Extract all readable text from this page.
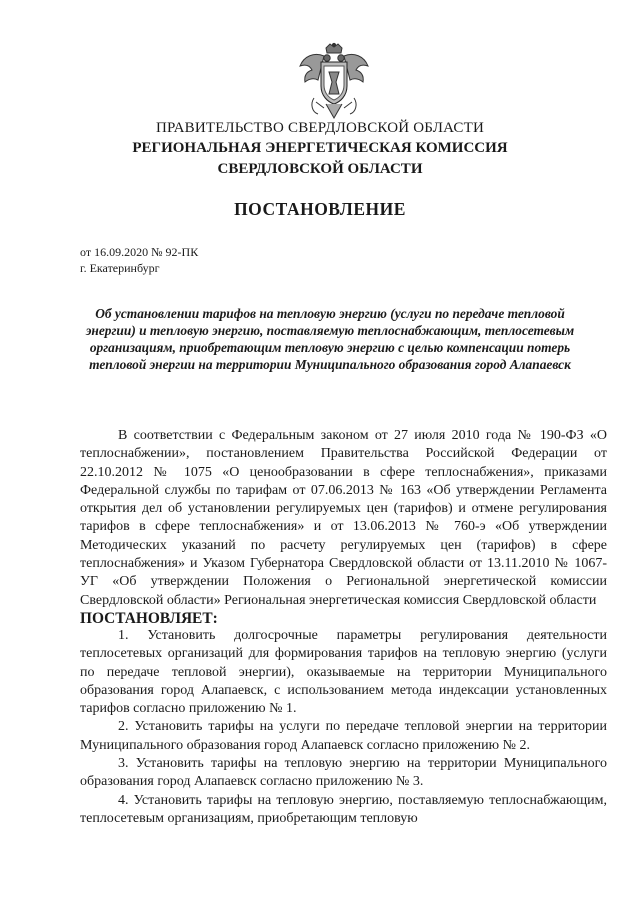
ПРАВИТЕЛЬСТВО СВЕРДЛОВСКОЙ ОБЛАСТИ
РЕГИОНАЛЬНАЯ ЭНЕРГЕТИЧЕСКАЯ КОМИССИЯ
СВЕРДЛОВСКОЙ ОБЛАСТИ
ПОСТАНОВЛЕНИЕ
от 16.09.2020 № 92-ПК
г. Екатеринбург
Об установлении тарифов на тепловую энергию (услуги по передаче тепловой энергии) и тепловую энергию, поставляемую теплоснабжающим, теплосетевым организациям, приобретающим тепловую энергию с целью компенсации потерь тепловой энергии на территории Муниципального образования город Алапаевск

В соответствии с Федеральным законом от 27 июля 2010 года № 190-ФЗ «О теплоснабжении», постановлением Правительства Российской Федерации от 22.10.2012 № 1075 «О ценообразовании в сфере теплоснабжения», приказами Федеральной службы по тарифам от 07.06.2013 № 163 «Об утверждении Регламента открытия дел об установлении регулируемых цен (тарифов) и отмене регулирования тарифов в сфере теплоснабжения» и от 13.06.2013 № 760-э «Об утверждении Методических указаний по расчету регулируемых цен (тарифов) в сфере теплоснабжения» и Указом Губернатора Свердловской области от 13.11.2010 № 1067-УГ «Об утверждении Положения о Региональной энергетической комиссии Свердловской области» Региональная энергетическая комиссия Свердловской области

ПОСТАНОВЛЯЕТ:

1. Установить долгосрочные параметры регулирования деятельности теплосетевых организаций для формирования тарифов на тепловую энергию (услуги по передаче тепловой энергии), оказываемые на территории Муниципального образования город Алапаевск, с использованием метода индексации установленных тарифов согласно приложению № 1.

2. Установить тарифы на услуги по передаче тепловой энергии на территории Муниципального образования город Алапаевск согласно приложению № 2.

3. Установить тарифы на тепловую энергию на территории Муниципального образования город Алапаевск согласно приложению № 3.

4. Установить тарифы на тепловую энергию, поставляемую теплоснабжающим, теплосетевым организациям, приобретающим тепловую
